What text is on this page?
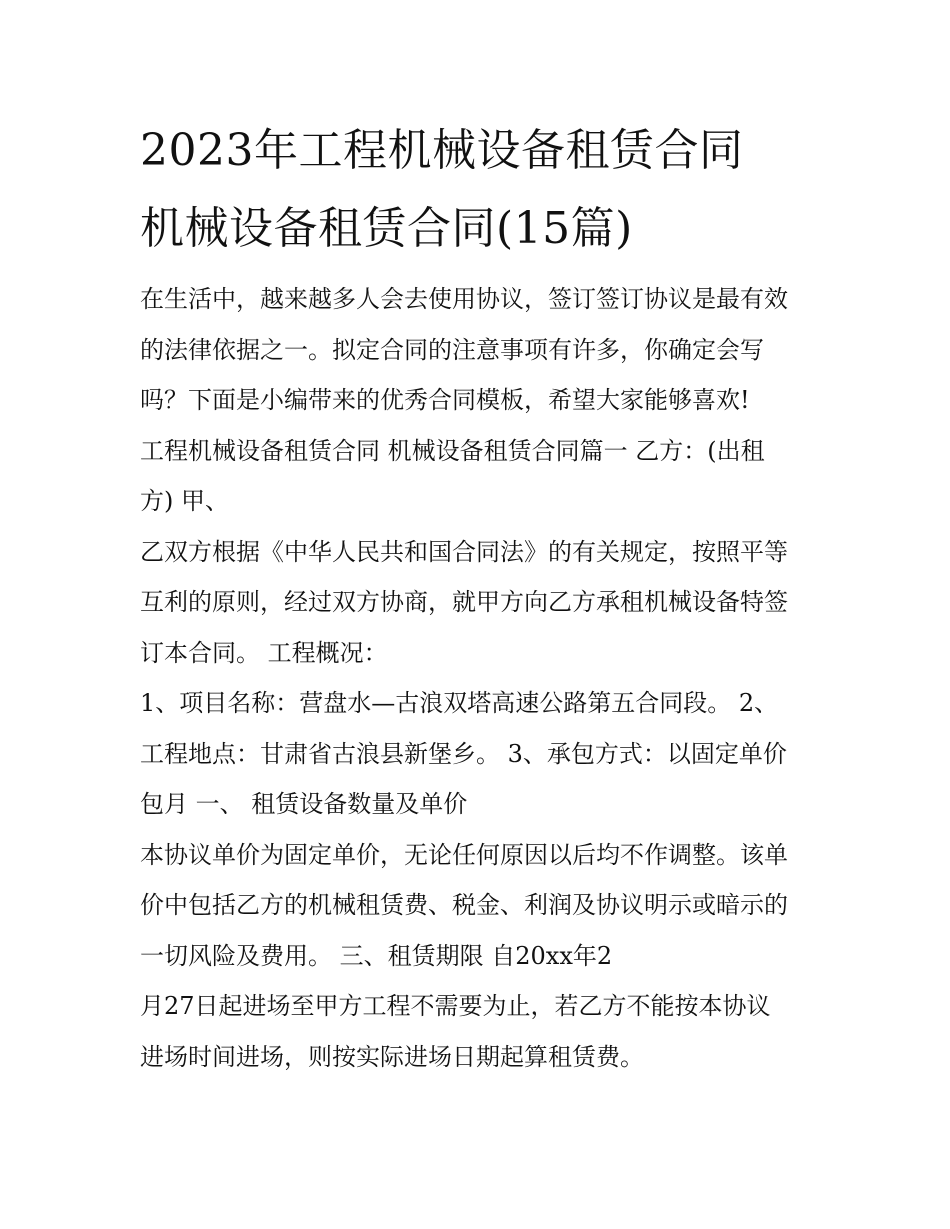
2023年工程机械设备租赁合同
机械设备租赁合同(15篇)

在生活中，越来越多人会去使用协议，签订签订协议是最有效

的法律依据之一。拟定合同的注意事项有许多，你确定会写

吗？下面是小编带来的优秀合同模板，希望大家能够喜欢!

工程机械设备租赁合同 机械设备租赁合同篇一 乙方：(出租

方) 甲、

乙双方根据《中华人民共和国合同法》的有关规定，按照平等

互利的原则，经过双方协商，就甲方向乙方承租机械设备特签

订本合同。 工程概况：

1、项目名称：营盘水—古浪双塔高速公路第五合同段。 2、

工程地点：甘肃省古浪县新堡乡。 3、承包方式：以固定单价

包月 一、 租赁设备数量及单价

本协议单价为固定单价，无论任何原因以后均不作调整。该单

价中包括乙方的机械租赁费、税金、利润及协议明示或暗示的

一切风险及费用。 三、租赁期限 自20xx年2

月27日起进场至甲方工程不需要为止，若乙方不能按本协议

进场时间进场，则按实际进场日期起算租赁费。
